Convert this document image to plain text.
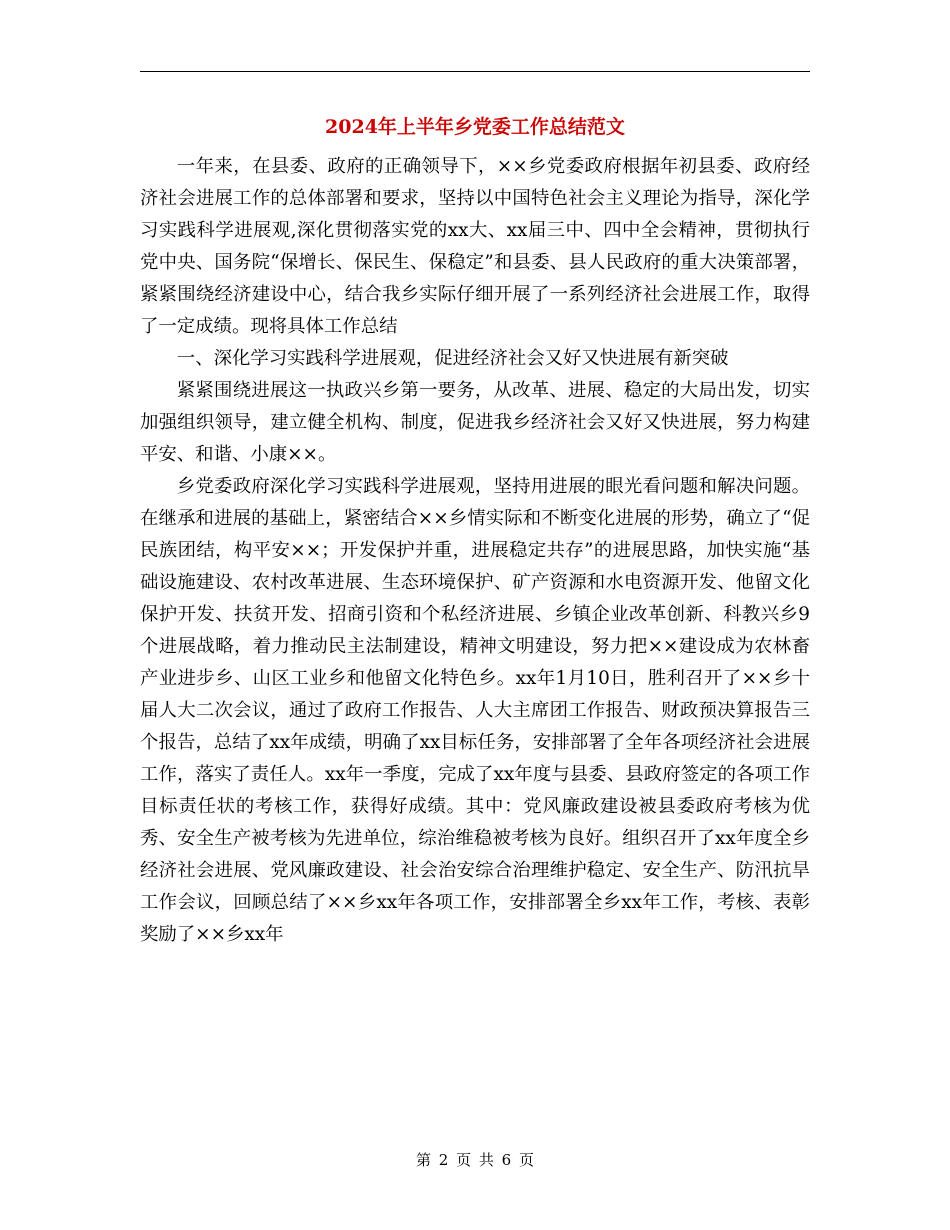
2024年上半年乡党委工作总结范文

一年来，在县委、政府的正确领导下，××乡党委政府根据年初县委、政府经济社会进展工作的总体部署和要求，坚持以中国特色社会主义理论为指导，深化学习实践科学进展观,深化贯彻落实党的xx大、xx届三中、四中全会精神，贯彻执行党中央、国务院“保增长、保民生、保稳定”和县委、县人民政府的重大决策部署，紧紧围绕经济建设中心，结合我乡实际仔细开展了一系列经济社会进展工作，取得了一定成绩。现将具体工作总结

一、深化学习实践科学进展观，促进经济社会又好又快进展有新突破

紧紧围绕进展这一执政兴乡第一要务，从改革、进展、稳定的大局出发，切实加强组织领导，建立健全机构、制度，促进我乡经济社会又好又快进展，努力构建平安、和谐、小康××。

乡党委政府深化学习实践科学进展观，坚持用进展的眼光看问题和解决问题。在继承和进展的基础上，紧密结合××乡情实际和不断变化进展的形势，确立了“促民族团结，构平安××；开发保护并重，进展稳定共存”的进展思路，加快实施“基础设施建设、农村改革进展、生态环境保护、矿产资源和水电资源开发、他留文化保护开发、扶贫开发、招商引资和个私经济进展、乡镇企业改革创新、科教兴乡9个进展战略，着力推动民主法制建设，精神文明建设，努力把××建设成为农林畜产业进步乡、山区工业乡和他留文化特色乡。xx年1月10日，胜利召开了××乡十届人大二次会议，通过了政府工作报告、人大主席团工作报告、财政预决算报告三个报告，总结了xx年成绩，明确了xx目标任务，安排部署了全年各项经济社会进展工作，落实了责任人。xx年一季度，完成了xx年度与县委、县政府签定的各项工作目标责任状的考核工作，获得好成绩。其中：党风廉政建设被县委政府考核为优秀、安全生产被考核为先进单位，综治维稳被考核为良好。组织召开了xx年度全乡经济社会进展、党风廉政建设、社会治安综合治理维护稳定、安全生产、防汛抗旱工作会议，回顾总结了××乡xx年各项工作，安排部署全乡xx年工作，考核、表彰奖励了××乡xx年

第 2 页 共 6 页
